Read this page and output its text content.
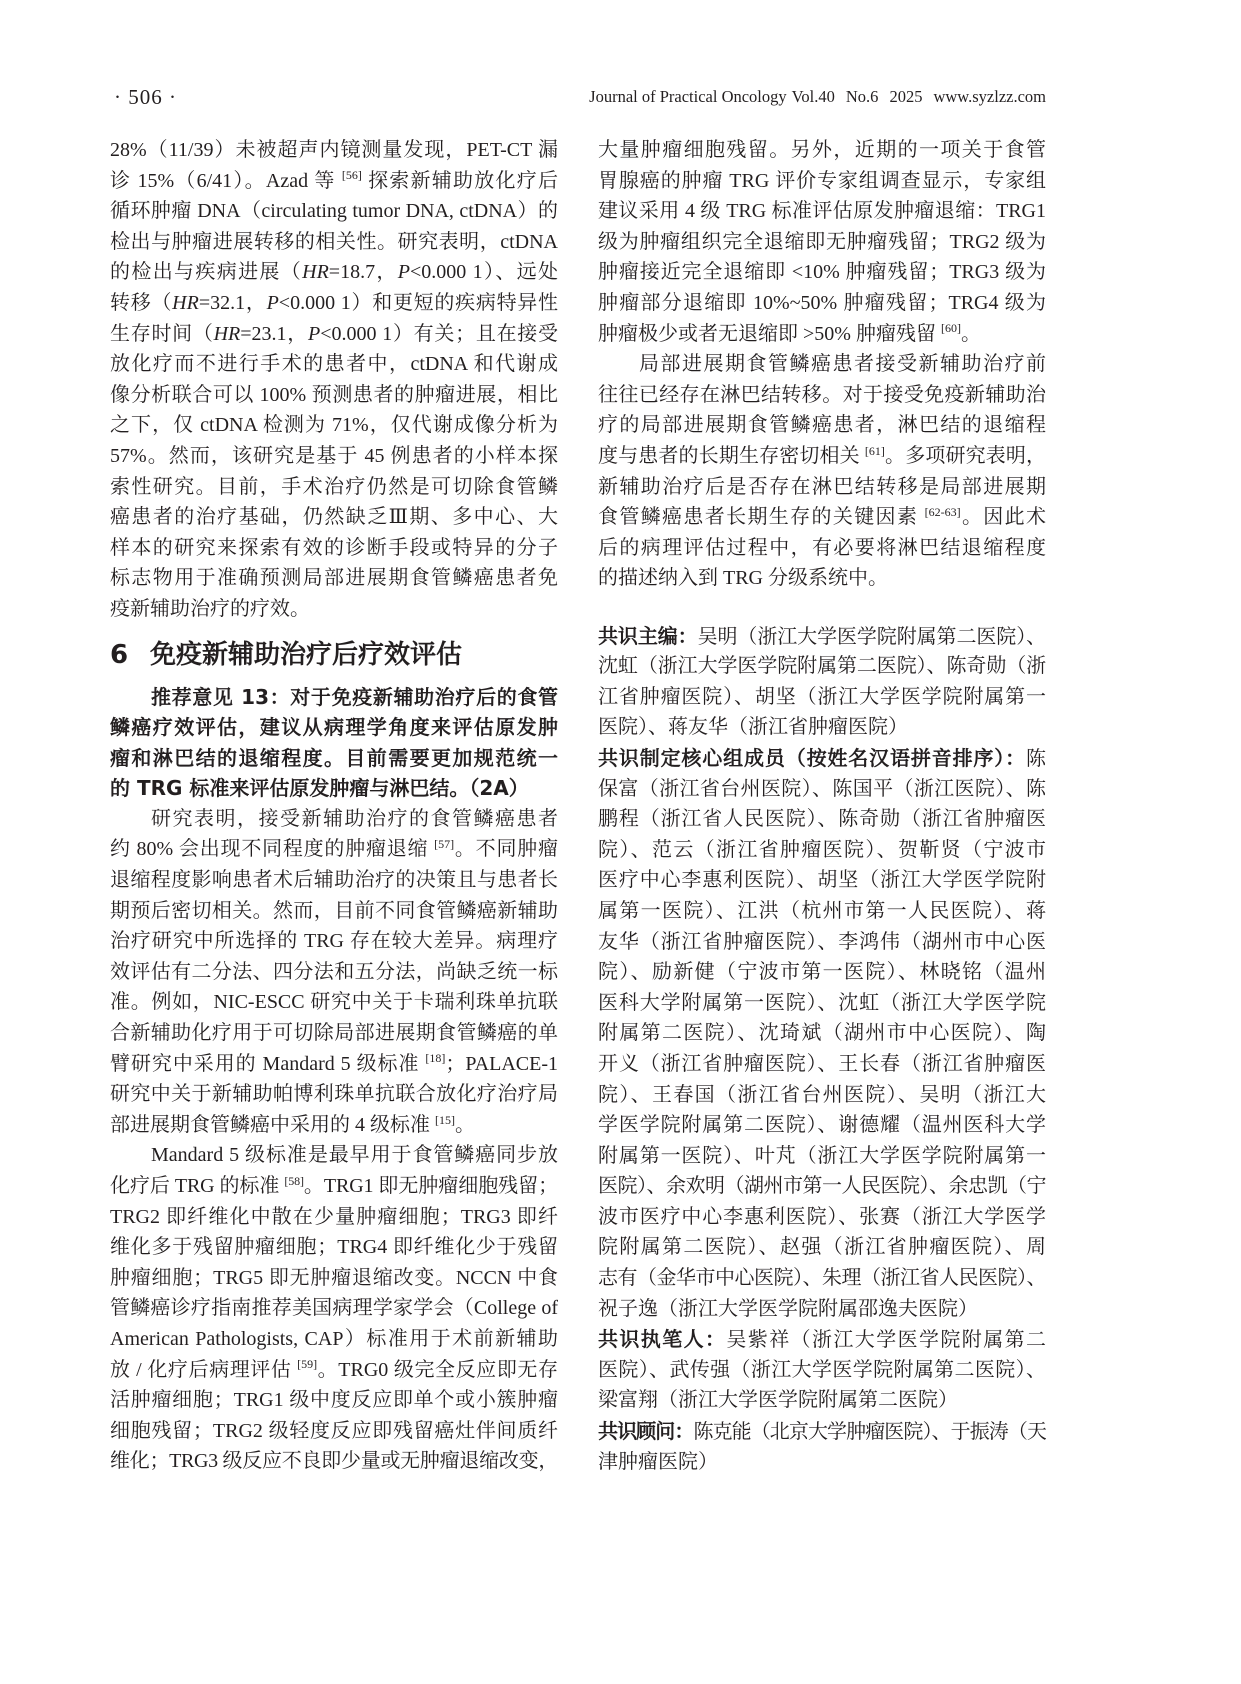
· 506 ·	Journal of Practical Oncology Vol.40 No.6 2025 www.syzlzz.com
28%（11/39）未被超声内镜测量发现，PET-CT 漏
诊 15%（6/41）。Azad 等 [56] 探索新辅助放化疗后
循环肿瘤 DNA（circulating tumor DNA, ctDNA）的
检出与肿瘤进展转移的相关性。研究表明，ctDNA
的检出与疾病进展（HR=18.7，P<0.000 1）、远处
转移（HR=32.1，P<0.000 1）和更短的疾病特异性
生存时间（HR=23.1，P<0.000 1）有关；且在接受
放化疗而不进行手术的患者中，ctDNA 和代谢成
像分析联合可以 100% 预测患者的肿瘤进展，相比
之下，仅 ctDNA 检测为 71%，仅代谢成像分析为
57%。然而，该研究是基于 45 例患者的小样本探
索性研究。目前，手术治疗仍然是可切除食管鳞
癌患者的治疗基础，仍然缺乏Ⅲ期、多中心、大
样本的研究来探索有效的诊断手段或特异的分子
标志物用于准确预测局部进展期食管鳞癌患者免
疫新辅助治疗的疗效。
6 免疫新辅助治疗后疗效评估
推荐意见 13：对于免疫新辅助治疗后的食管
鳞癌疗效评估，建议从病理学角度来评估原发肿
瘤和淋巴结的退缩程度。目前需要更加规范统一
的 TRG 标准来评估原发肿瘤与淋巴结。（2A）
研究表明，接受新辅助治疗的食管鳞癌患者
约 80% 会出现不同程度的肿瘤退缩 [57]。不同肿瘤
退缩程度影响患者术后辅助治疗的决策且与患者长
期预后密切相关。然而，目前不同食管鳞癌新辅助
治疗研究中所选择的 TRG 存在较大差异。病理疗
效评估有二分法、四分法和五分法，尚缺乏统一标
准。例如，NIC-ESCC 研究中关于卡瑞利珠单抗联
合新辅助化疗用于可切除局部进展期食管鳞癌的单
臂研究中采用的 Mandard 5 级标准 [18]；PALACE-1
研究中关于新辅助帕博利珠单抗联合放化疗治疗局
部进展期食管鳞癌中采用的 4 级标准 [15]。
Mandard 5 级标准是最早用于食管鳞癌同步放
化疗后 TRG 的标准 [58]。TRG1 即无肿瘤细胞残留；
TRG2 即纤维化中散在少量肿瘤细胞；TRG3 即纤
维化多于残留肿瘤细胞；TRG4 即纤维化少于残留
肿瘤细胞；TRG5 即无肿瘤退缩改变。NCCN 中食
管鳞癌诊疗指南推荐美国病理学家学会（College of
American Pathologists, CAP）标准用于术前新辅助
放 / 化疗后病理评估 [59]。TRG0 级完全反应即无存
活肿瘤细胞；TRG1 级中度反应即单个或小簇肿瘤
细胞残留；TRG2 级轻度反应即残留癌灶伴间质纤
维化；TRG3 级反应不良即少量或无肿瘤退缩改变，
大量肿瘤细胞残留。另外，近期的一项关于食管
胃腺癌的肿瘤 TRG 评价专家组调查显示，专家组
建议采用 4 级 TRG 标准评估原发肿瘤退缩：TRG1
级为肿瘤组织完全退缩即无肿瘤残留；TRG2 级为
肿瘤接近完全退缩即 <10% 肿瘤残留；TRG3 级为
肿瘤部分退缩即 10%~50% 肿瘤残留；TRG4 级为
肿瘤极少或者无退缩即 >50% 肿瘤残留 [60]。
局部进展期食管鳞癌患者接受新辅助治疗前
往往已经存在淋巴结转移。对于接受免疫新辅助治
疗的局部进展期食管鳞癌患者，淋巴结的退缩程
度与患者的长期生存密切相关 [61]。多项研究表明，
新辅助治疗后是否存在淋巴结转移是局部进展期
食管鳞癌患者长期生存的关键因素 [62-63]。因此术
后的病理评估过程中，有必要将淋巴结退缩程度
的描述纳入到 TRG 分级系统中。
共识主编：吴明（浙江大学医学院附属第二医院）、
沈虹（浙江大学医学院附属第二医院）、陈奇勋（浙
江省肿瘤医院）、胡坚（浙江大学医学院附属第一
医院）、蒋友华（浙江省肿瘤医院）
共识制定核心组成员（按姓名汉语拼音排序）：陈
保富（浙江省台州医院）、陈国平（浙江医院）、陈
鹏程（浙江省人民医院）、陈奇勋（浙江省肿瘤医
院）、范云（浙江省肿瘤医院）、贺靳贤（宁波市
医疗中心李惠利医院）、胡坚（浙江大学医学院附
属第一医院）、江洪（杭州市第一人民医院）、蒋
友华（浙江省肿瘤医院）、李鸿伟（湖州市中心医
院）、励新健（宁波市第一医院）、林晓铭（温州
医科大学附属第一医院）、沈虹（浙江大学医学院
附属第二医院）、沈琦斌（湖州市中心医院）、陶
开义（浙江省肿瘤医院）、王长春（浙江省肿瘤医
院）、王春国（浙江省台州医院）、吴明（浙江大
学医学院附属第二医院）、谢德耀（温州医科大学
附属第一医院）、叶芃（浙江大学医学院附属第一
医院）、余欢明（湖州市第一人民医院）、余忠凯（宁
波市医疗中心李惠利医院）、张赛（浙江大学医学
院附属第二医院）、赵强（浙江省肿瘤医院）、周
志有（金华市中心医院）、朱理（浙江省人民医院）、
祝子逸（浙江大学医学院附属邵逸夫医院）
共识执笔人：吴紫祥（浙江大学医学院附属第二
医院）、武传强（浙江大学医学院附属第二医院）、
梁富翔（浙江大学医学院附属第二医院）
共识顾问：陈克能（北京大学肿瘤医院）、于振涛（天
津肿瘤医院）
